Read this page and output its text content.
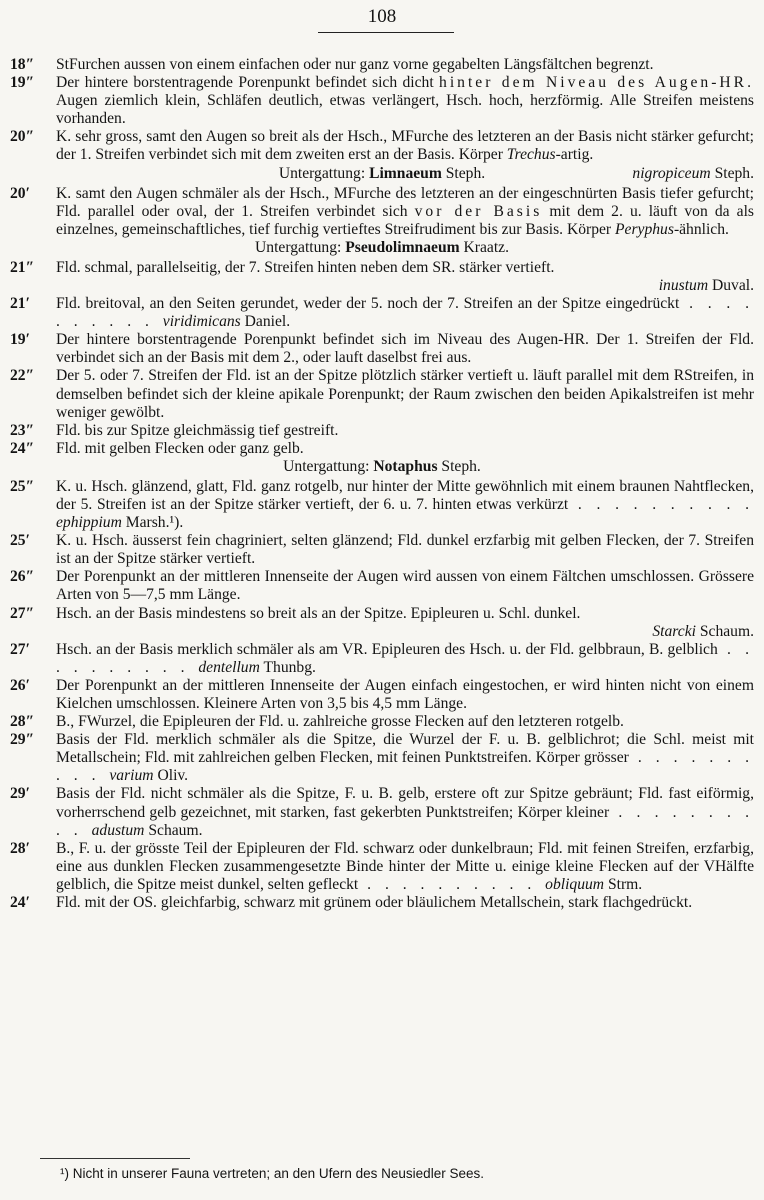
108
18″ StFurchen aussen von einem einfachen oder nur ganz vorne gegabelten Längsfältchen begrenzt.
19″ Der hintere borstentragende Porenpunkt befindet sich dicht hinter dem Niveau des Augen-HR. Augen ziemlich klein, Schläfen deutlich, etwas verlängert, Hsch. hoch, herzförmig. Alle Streifen meistens vorhanden.
20″ K. sehr gross, samt den Augen so breit als der Hsch., MFurche des letzteren an der Basis nicht stärker gefurcht; der 1. Streifen verbindet sich mit dem zweiten erst an der Basis. Körper Trechus-artig.
Untergattung: Limnaeum Steph.	nigropiceum Steph.
20′ K. samt den Augen schmäler als der Hsch., MFurche des letzteren an der eingeschnürten Basis tiefer gefurcht; Fld. parallel oder oval, der 1. Streifen verbindet sich vor der Basis mit dem 2. u. läuft von da als einzelnes, gemeinschaftliches, tief furchig vertieftes Streifrudiment bis zur Basis. Körper Peryphus-ähnlich.
Untergattung: Pseudolimnaeum Kraatz.
21″ Fld. schmal, parallelseitig, der 7. Streifen hinten neben dem SR. stärker vertieft.
inustum Duval.
21′ Fld. breitoval, an den Seiten gerundet, weder der 5. noch der 7. Streifen an der Spitze eingedrückt . . . . . . . . . . viridimicans Daniel.
19′ Der hintere borstentragende Porenpunkt befindet sich im Niveau des Augen-HR. Der 1. Streifen der Fld. verbindet sich an der Basis mit dem 2., oder lauft daselbst frei aus.
22″ Der 5. oder 7. Streifen der Fld. ist an der Spitze plötzlich stärker vertieft u. läuft parallel mit dem RStreifen, in demselben befindet sich der kleine apikale Porenpunkt; der Raum zwischen den beiden Apikalstreifen ist mehr weniger gewölbt.
23″ Fld. bis zur Spitze gleichmässig tief gestreift.
24″ Fld. mit gelben Flecken oder ganz gelb.
Untergattung: Notaphus Steph.
25″ K. u. Hsch. glänzend, glatt, Fld. ganz rotgelb, nur hinter der Mitte gewöhnlich mit einem braunen Nahtflecken, der 5. Streifen ist an der Spitze stärker vertieft, der 6. u. 7. hinten etwas verkürzt . . . . . . . . . . ephippium Marsh.¹).
25′ K. u. Hsch. äusserst fein chagriniert, selten glänzend; Fld. dunkel erzfarbig mit gelben Flecken, der 7. Streifen ist an der Spitze stärker vertieft.
26″ Der Porenpunkt an der mittleren Innenseite der Augen wird aussen von einem Fältchen umschlossen. Grössere Arten von 5—7,5 mm Länge.
27″ Hsch. an der Basis mindestens so breit als an der Spitze. Epipleuren u. Schl. dunkel.
Starcki Schaum.
27′ Hsch. an der Basis merklich schmäler als am VR. Epipleuren des Hsch. u. der Fld. gelbbraun, B. gelblich . . . . . . . . . . dentellum Thunbg.
26′ Der Porenpunkt an der mittleren Innenseite der Augen einfach eingestochen, er wird hinten nicht von einem Kielchen umschlossen. Kleinere Arten von 3,5 bis 4,5 mm Länge.
28″ B., FWurzel, die Epipleuren der Fld. u. zahlreiche grosse Flecken auf den letzteren rotgelb.
29″ Basis der Fld. merklich schmäler als die Spitze, die Wurzel der F. u. B. gelblichrot; die Schl. meist mit Metallschein; Fld. mit zahlreichen gelben Flecken, mit feinen Punktstreifen. Körper grösser . . . . . . . . . . varium Oliv.
29′ Basis der Fld. nicht schmäler als die Spitze, F. u. B. gelb, erstere oft zur Spitze gebräunt; Fld. fast eiförmig, vorherrschend gelb gezeichnet, mit starken, fast gekerbten Punktstreifen; Körper kleiner . . . . . . . . . . adustum Schaum.
28′ B., F. u. der grösste Teil der Epipleuren der Fld. schwarz oder dunkelbraun; Fld. mit feinen Streifen, erzfarbig, eine aus dunklen Flecken zusammengesetzte Binde hinter der Mitte u. einige kleine Flecken auf der VHälfte gelblich, die Spitze meist dunkel, selten gefleckt . . . . . . . . . . obliquum Strm.
24′ Fld. mit der OS. gleichfarbig, schwarz mit grünem oder bläulichem Metallschein, stark flachgedrückt.
¹) Nicht in unserer Fauna vertreten; an den Ufern des Neusiedler Sees.
